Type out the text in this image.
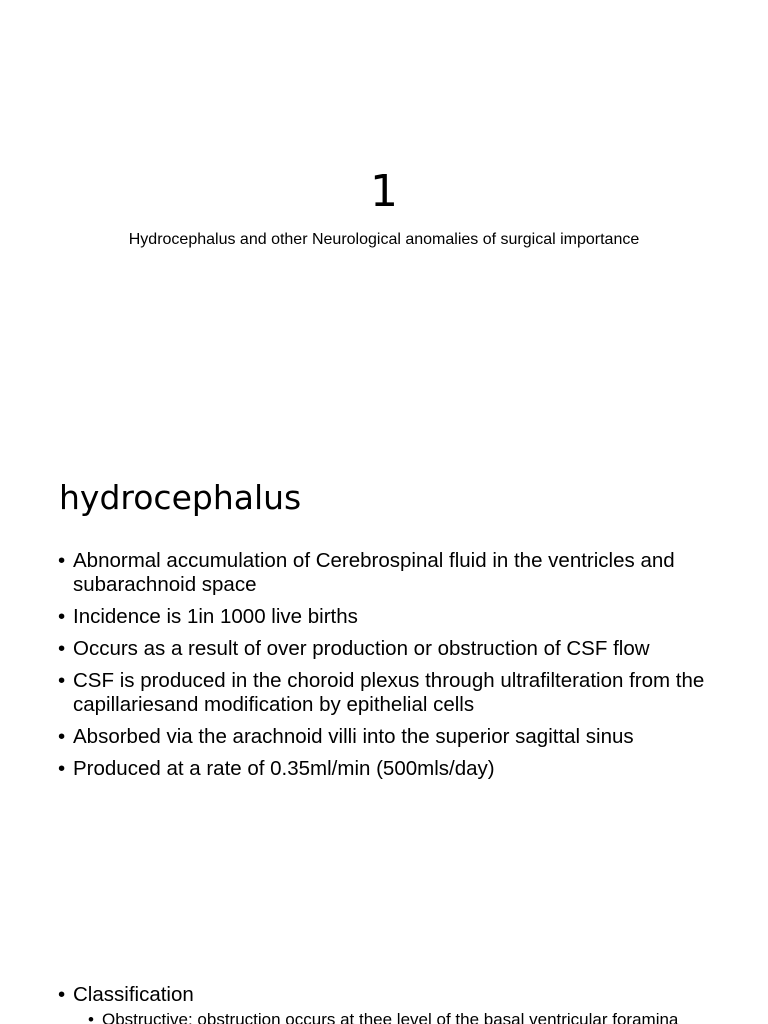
1
Hydrocephalus and other Neurological anomalies of surgical importance
hydrocephalus
• Abnormal accumulation of Cerebrospinal fluid in the ventricles and subarachnoid space
• Incidence is 1in 1000 live births
• Occurs as a result of over production or obstruction of CSF flow
• CSF is produced in the choroid plexus through ultrafilteration from the capillariesand modification by epithelial cells
• Absorbed via the arachnoid villi into the superior sagittal sinus
• Produced at a rate of 0.35ml/min (500mls/day)
• Classification
• Obstructive: obstruction occurs at thee level of the basal ventricular foramina
